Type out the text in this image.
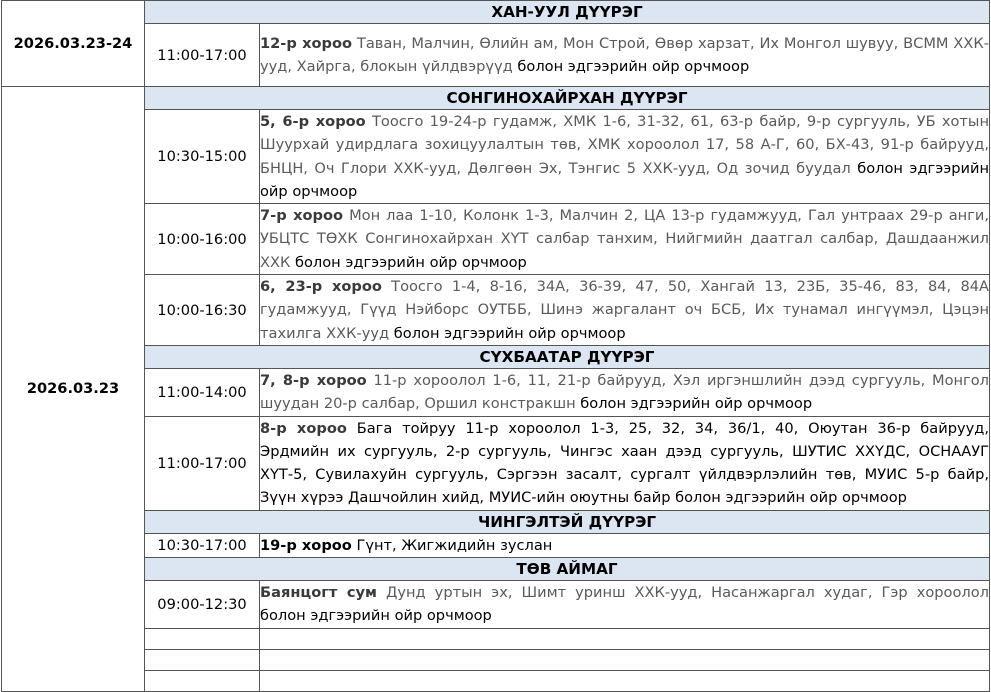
2026.03.23-24	ХАН-УУЛ ДҮҮРЭГ	
	11:00-17:00	12-р хороо Таван, Малчин, Өлийн ам, Мон Строй, Өвөр харзат, Их Монгол шувуу, ВСММ ХХК-ууд, Хайрга, блокын үйлдвэрүүд болон эдгээрийн ойр орчмоор
2026.03.23	СОНГИНОХАЙРХАН ДҮҮРЭГ	
	10:30-15:00	5, 6-р хороо Тоосго 19-24-р гудамж, ХМК 1-6, 31-32, 61, 63-р байр, 9-р сургууль, УБ хотын Шуурхай удирдлага зохицуулалтын төв, ХМК хороолол 17, 58 А-Г, 60, БХ-43, 91-р байрууд, БНЦН, Оч Глори ХХК-ууд, Дөлгөөн Эх, Тэнгис 5 ХХК-ууд, Од зочид буудал болон эдгээрийн ойр орчмоор
	10:00-16:00	7-р хороо Мон лаа 1-10, Колонк 1-3, Малчин 2, ЦА 13-р гудамжууд, Гал унтраах 29-р анги, УБЦТС ТӨХК Сонгинохайрхан ХҮТ салбар танхим, Нийгмийн даатгал салбар, Дашдаанжил ХХК болон эдгээрийн ойр орчмоор
	10:00-16:30	6, 23-р хороо Тоосго 1-4, 8-16, 34А, 36-39, 47, 50, Хангай 13, 23Б, 35-46, 83, 84, 84А гудамжууд, Гүүд Нэйборс ОУТББ, Шинэ жаргалант оч БСБ, Их тунамал ингүүмэл, Цэцэн тахилга ХХК-ууд болон эдгээрийн ойр орчмоор
	СҮХБААТАР ДҮҮРЭГ	
	11:00-14:00	7, 8-р хороо 11-р хороолол 1-6, 11, 21-р байрууд, Хэл иргэншлийн дээд сургууль, Монгол шуудан 20-р салбар, Оршил констракшн болон эдгээрийн ойр орчмоор
	11:00-17:00	8-р хороо Бага тойруу 11-р хороолол 1-3, 25, 32, 34, 36/1, 40, Оюутан 36-р байрууд, Эрдмийн их сургууль, 2-р сургууль, Чингэс хаан дээд сургууль, ШУТИС ХХҮДС, ОСНААУГ ХҮТ-5, Сувилахуйн сургууль, Сэргээн засалт, сургалт үйлдвэрлэлийн төв, МУИС 5-р байр, Зүүн хүрээ Дашчойлин хийд, МУИС-ийн оюутны байр болон эдгээрийн ойр орчмоор
	ЧИНГЭЛТЭЙ ДҮҮРЭГ	
	10:30-17:00	19-р хороо Гүнт, Жигжидийн зуслан
	ТӨВ АЙМАГ	
	09:00-12:30	Баянцогт сум Дунд уртын эх, Шимт уринш ХХК-ууд, Насанжаргал худаг, Гэр хороолол болон эдгээрийн ойр орчмоор
